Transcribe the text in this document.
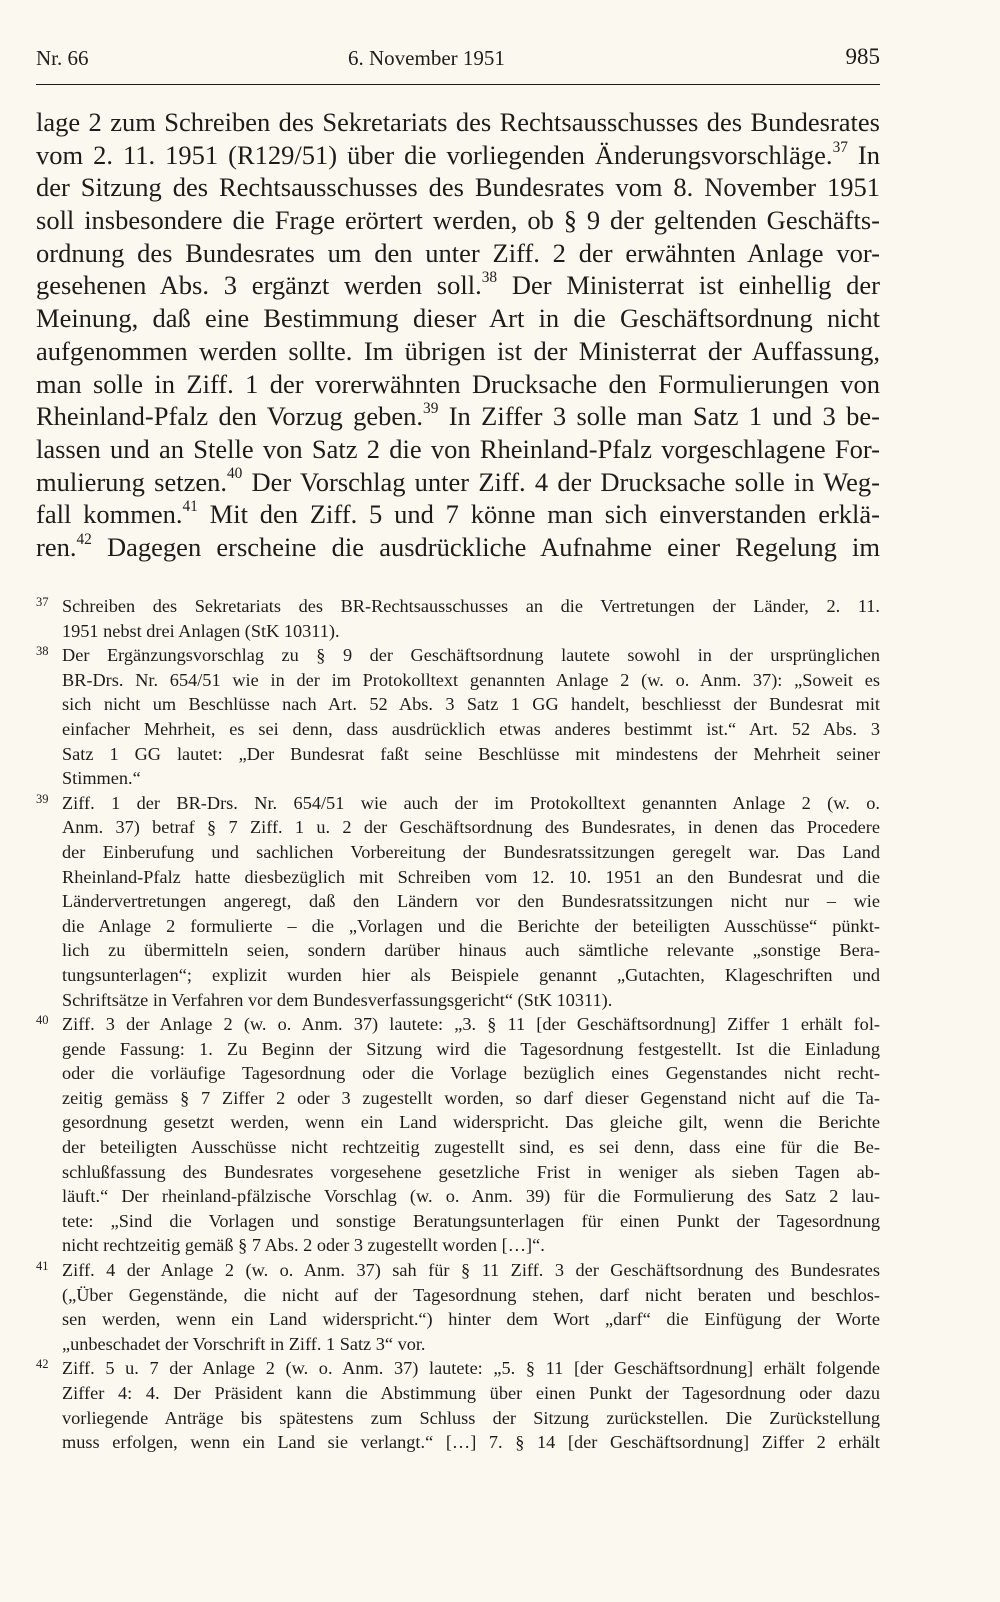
Nr. 66	6. November 1951	985
lage 2 zum Schreiben des Sekretariats des Rechtsausschusses des Bundesrates
vom 2. 11. 1951 (R129/51) über die vorliegenden Änderungsvorschläge.$^{37}$ In
der Sitzung des Rechtsausschusses des Bundesrates vom 8. November 1951
soll insbesondere die Frage erörtert werden, ob § 9 der geltenden Geschäfts-
ordnung des Bundesrates um den unter Ziff. 2 der erwähnten Anlage vor-
gesehenen Abs. 3 ergänzt werden soll.$^{38}$ Der Ministerrat ist einhellig der
Meinung, daß eine Bestimmung dieser Art in die Geschäftsordnung nicht
aufgenommen werden sollte. Im übrigen ist der Ministerrat der Auffassung,
man solle in Ziff. 1 der vorerwähnten Drucksache den Formulierungen von
Rheinland-Pfalz den Vorzug geben.$^{39}$ In Ziffer 3 solle man Satz 1 und 3 be-
lassen und an Stelle von Satz 2 die von Rheinland-Pfalz vorgeschlagene For-
mulierung setzen.$^{40}$ Der Vorschlag unter Ziff. 4 der Drucksache solle in Weg-
fall kommen.$^{41}$ Mit den Ziff. 5 und 7 könne man sich einverstanden erklä-
ren.$^{42}$ Dagegen erscheine die ausdrückliche Aufnahme einer Regelung im
37 Schreiben des Sekretariats des BR-Rechtsausschusses an die Vertretungen der Länder, 2. 11.
1951 nebst drei Anlagen (StK 10311).
38 Der Ergänzungsvorschlag zu § 9 der Geschäftsordnung lautete sowohl in der ursprünglichen
BR-Drs. Nr. 654/51 wie in der im Protokolltext genannten Anlage 2 (w. o. Anm. 37): „Soweit es
sich nicht um Beschlüsse nach Art. 52 Abs. 3 Satz 1 GG handelt, beschliesst der Bundesrat mit
einfacher Mehrheit, es sei denn, dass ausdrücklich etwas anderes bestimmt ist.“ Art. 52 Abs. 3
Satz 1 GG lautet: „Der Bundesrat faßt seine Beschlüsse mit mindestens der Mehrheit seiner
Stimmen.“
39 Ziff. 1 der BR-Drs. Nr. 654/51 wie auch der im Protokolltext genannten Anlage 2 (w. o.
Anm. 37) betraf § 7 Ziff. 1 u. 2 der Geschäftsordnung des Bundesrates, in denen das Procedere
der Einberufung und sachlichen Vorbereitung der Bundesratssitzungen geregelt war. Das Land
Rheinland-Pfalz hatte diesbezüglich mit Schreiben vom 12. 10. 1951 an den Bundesrat und die
Ländervertretungen angeregt, daß den Ländern vor den Bundesratssitzungen nicht nur – wie
die Anlage 2 formulierte – die „Vorlagen und die Berichte der beteiligten Ausschüsse“ pünkt-
lich zu übermitteln seien, sondern darüber hinaus auch sämtliche relevante „sonstige Bera-
tungsunterlagen“; explizit wurden hier als Beispiele genannt „Gutachten, Klageschriften und
Schriftsätze in Verfahren vor dem Bundesverfassungsgericht“ (StK 10311).
40 Ziff. 3 der Anlage 2 (w. o. Anm. 37) lautete: „3. § 11 [der Geschäftsordnung] Ziffer 1 erhält fol-
gende Fassung: 1. Zu Beginn der Sitzung wird die Tagesordnung festgestellt. Ist die Einladung
oder die vorläufige Tagesordnung oder die Vorlage bezüglich eines Gegenstandes nicht recht-
zeitig gemäss § 7 Ziffer 2 oder 3 zugestellt worden, so darf dieser Gegenstand nicht auf die Ta-
gesordnung gesetzt werden, wenn ein Land widerspricht. Das gleiche gilt, wenn die Berichte
der beteiligten Ausschüsse nicht rechtzeitig zugestellt sind, es sei denn, dass eine für die Be-
schlußfassung des Bundesrates vorgesehene gesetzliche Frist in weniger als sieben Tagen ab-
läuft.“ Der rheinland-pfälzische Vorschlag (w. o. Anm. 39) für die Formulierung des Satz 2 lau-
tete: „Sind die Vorlagen und sonstige Beratungsunterlagen für einen Punkt der Tagesordnung
nicht rechtzeitig gemäß § 7 Abs. 2 oder 3 zugestellt worden […]“.
41 Ziff. 4 der Anlage 2 (w. o. Anm. 37) sah für § 11 Ziff. 3 der Geschäftsordnung des Bundesrates
(„Über Gegenstände, die nicht auf der Tagesordnung stehen, darf nicht beraten und beschlos-
sen werden, wenn ein Land widerspricht.“) hinter dem Wort „darf“ die Einfügung der Worte
„unbeschadet der Vorschrift in Ziff. 1 Satz 3“ vor.
42 Ziff. 5 u. 7 der Anlage 2 (w. o. Anm. 37) lautete: „5. § 11 [der Geschäftsordnung] erhält folgende
Ziffer 4: 4. Der Präsident kann die Abstimmung über einen Punkt der Tagesordnung oder dazu
vorliegende Anträge bis spätestens zum Schluss der Sitzung zurückstellen. Die Zurückstellung
muss erfolgen, wenn ein Land sie verlangt.“ […] 7. § 14 [der Geschäftsordnung] Ziffer 2 erhält
